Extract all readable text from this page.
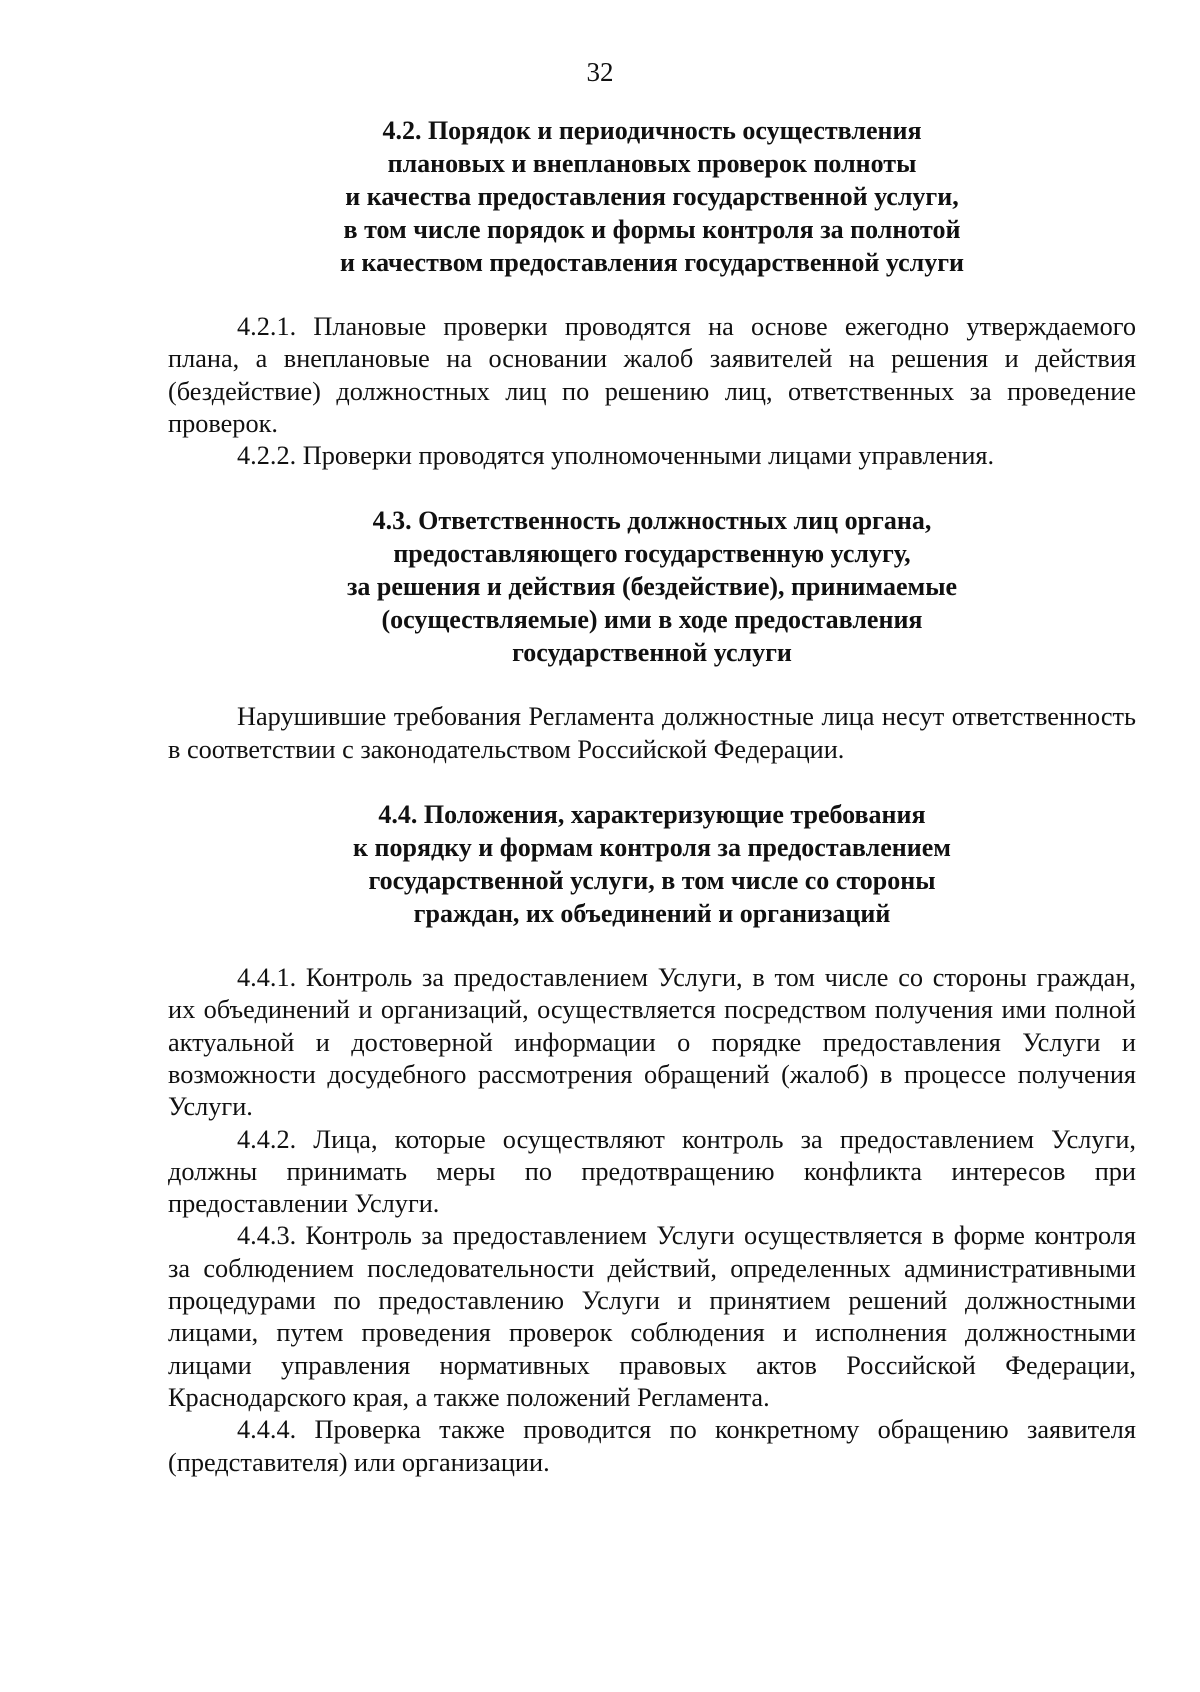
32
4.2. Порядок и периодичность осуществления
плановых и внеплановых проверок полноты
и качества предоставления государственной услуги,
в том числе порядок и формы контроля за полнотой
и качеством предоставления государственной услуги

4.2.1. Плановые проверки проводятся на основе ежегодно утверждаемого плана, а внеплановые на основании жалоб заявителей на решения и действия (бездействие) должностных лиц по решению лиц, ответственных за проведение проверок.

4.2.2. Проверки проводятся уполномоченными лицами управления.

4.3. Ответственность должностных лиц органа,
предоставляющего государственную услугу,
за решения и действия (бездействие), принимаемые
(осуществляемые) ими в ходе предоставления
государственной услуги

Нарушившие требования Регламента должностные лица несут ответственность в соответствии с законодательством Российской Федерации.

4.4. Положения, характеризующие требования
к порядку и формам контроля за предоставлением
государственной услуги, в том числе со стороны
граждан, их объединений и организаций

4.4.1. Контроль за предоставлением Услуги, в том числе со стороны граждан, их объединений и организаций, осуществляется посредством получения ими полной актуальной и достоверной информации о порядке предоставления Услуги и возможности досудебного рассмотрения обращений (жалоб) в процессе получения Услуги.

4.4.2. Лица, которые осуществляют контроль за предоставлением Услуги, должны принимать меры по предотвращению конфликта интересов при предоставлении Услуги.

4.4.3. Контроль за предоставлением Услуги осуществляется в форме контроля за соблюдением последовательности действий, определенных административными процедурами по предоставлению Услуги и принятием решений должностными лицами, путем проведения проверок соблюдения и исполнения должностными лицами управления нормативных правовых актов Российской Федерации, Краснодарского края, а также положений Регламента.

4.4.4. Проверка также проводится по конкретному обращению заявителя (представителя) или организации.
